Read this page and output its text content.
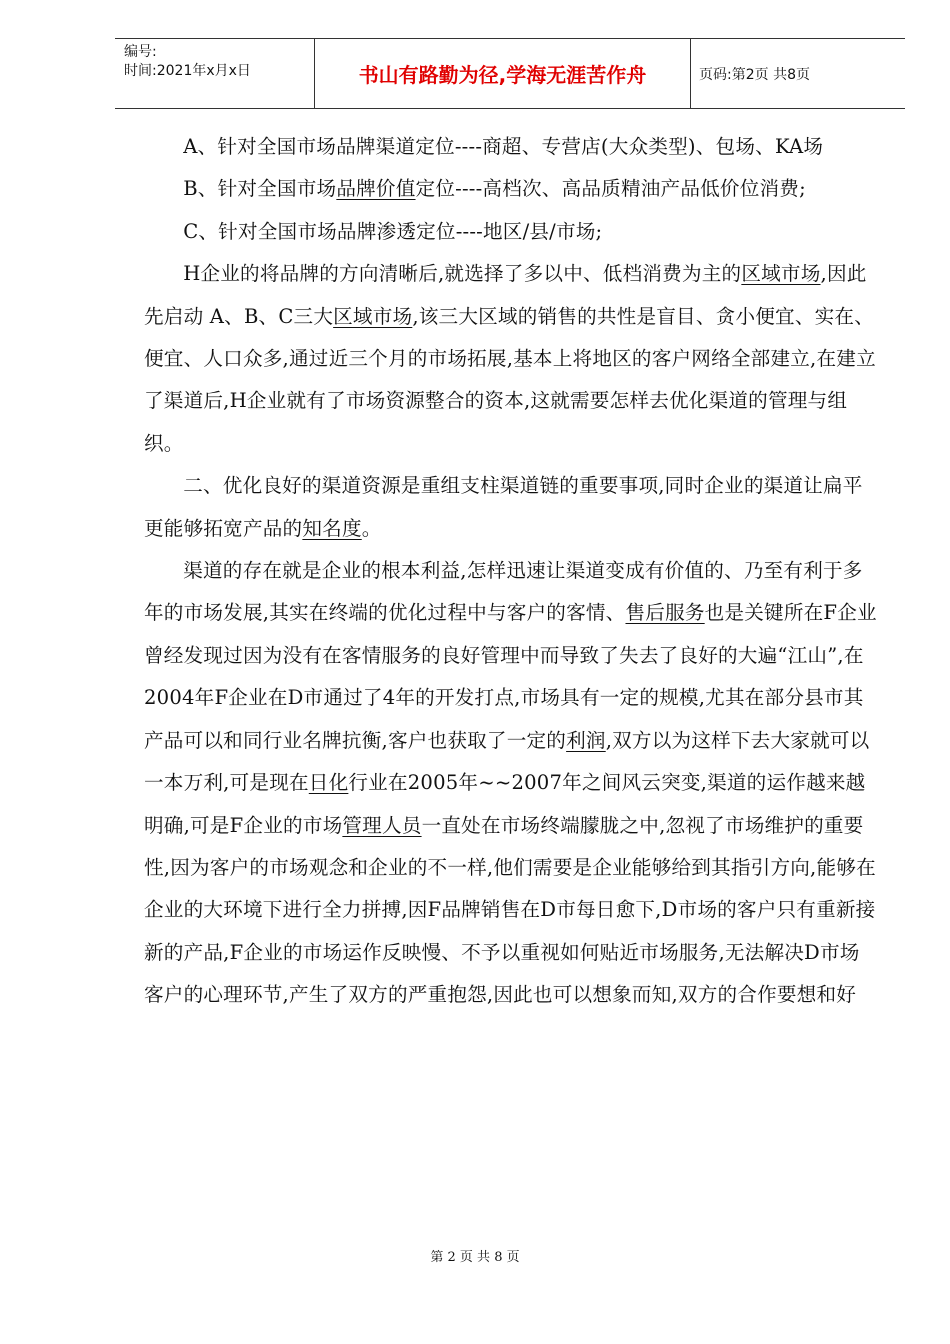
编号:
时间:2021年x月x日	书山有路勤为径,学海无涯苦作舟	页码:第2页 共8页

A、针对全国市场品牌渠道定位----商超、专营店(大众类型)、包场、KA场

B、针对全国市场品牌价值定位----高档次、高品质精油产品低价位消费;

C、针对全国市场品牌渗透定位----地区/县/市场;

H企业的将品牌的方向清晰后,就选择了多以中、低档消费为主的区域市场,因此先启动 A、B、C三大区域市场,该三大区域的销售的共性是盲目、贪小便宜、实在、便宜、人口众多,通过近三个月的市场拓展,基本上将地区的客户网络全部建立,在建立了渠道后,H企业就有了市场资源整合的资本,这就需要怎样去优化渠道的管理与组织。

二、优化良好的渠道资源是重组支柱渠道链的重要事项,同时企业的渠道让扁平更能够拓宽产品的知名度。

渠道的存在就是企业的根本利益,怎样迅速让渠道变成有价值的、乃至有利于多年的市场发展,其实在终端的优化过程中与客户的客情、售后服务也是关键所在F企业曾经发现过因为没有在客情服务的良好管理中而导致了失去了良好的大遍“江山”,在2004年F企业在D市通过了4年的开发打点,市场具有一定的规模,尤其在部分县市其产品可以和同行业名牌抗衡,客户也获取了一定的利润,双方以为这样下去大家就可以一本万利,可是现在日化行业在2005年~~2007年之间风云突变,渠道的运作越来越明确,可是F企业的市场管理人员一直处在市场终端朦胧之中,忽视了市场维护的重要性,因为客户的市场观念和企业的不一样,他们需要是企业能够给到其指引方向,能够在企业的大环境下进行全力拼搏,因F品牌销售在D市每日愈下,D市场的客户只有重新接新的产品,F企业的市场运作反映慢、不予以重视如何贴近市场服务,无法解决D市场客户的心理环节,产生了双方的严重抱怨,因此也可以想象而知,双方的合作要想和好

第 2 页 共 8 页
